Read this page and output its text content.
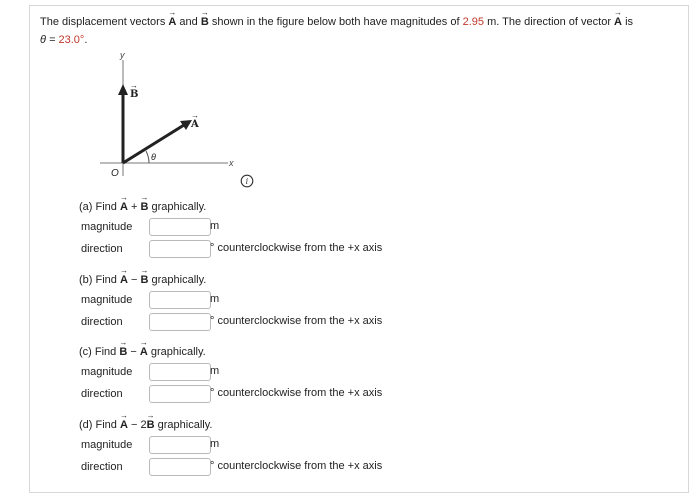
The displacement vectors → A and → B shown in the figure below both have magnitudes of 2.95 m. The direction of vector → A is
θ = 23.0°.
y
x
O
B
→
A
→
θ
i
(a) Find → A + → B graphically.
magnitude	m
direction	° counterclockwise from the +x axis
(b) Find → A − → B graphically.
magnitude	m
direction	° counterclockwise from the +x axis
(c) Find → B − → A graphically.
magnitude	m
direction	° counterclockwise from the +x axis
(d) Find → A − 2→ B graphically.
magnitude	m
direction	° counterclockwise from the +x axis
